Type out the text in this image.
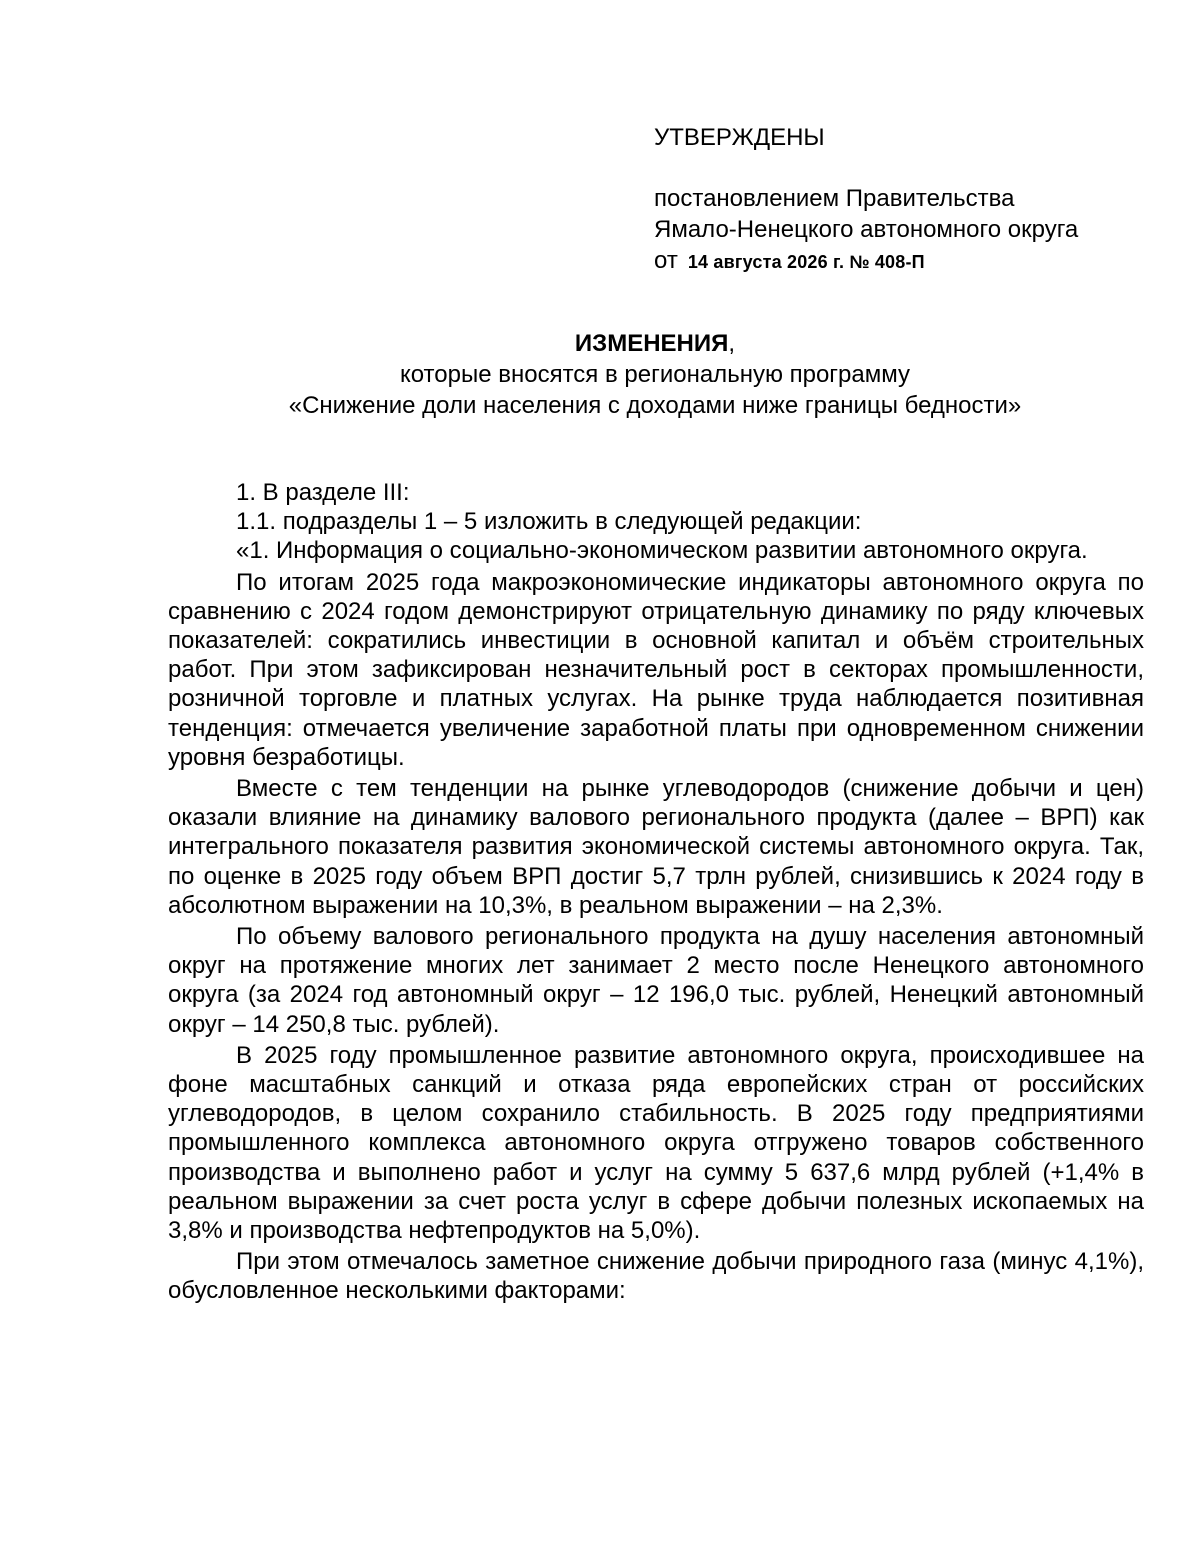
УТВЕРЖДЕНЫ
постановлением Правительства
Ямало-Ненецкого автономного округа
от 14 августа 2026 г. № 408-П
ИЗМЕНЕНИЯ,
которые вносятся в региональную программу
«Снижение доли населения с доходами ниже границы бедности»

1. В разделе III:

1.1. подразделы 1 – 5 изложить в следующей редакции:

«1. Информация о социально-экономическом развитии автономного округа.

По итогам 2025 года макроэкономические индикаторы автономного округа по сравнению с 2024 годом демонстрируют отрицательную динамику по ряду ключевых показателей: сократились инвестиции в основной капитал и объём строительных работ. При этом зафиксирован незначительный рост в секторах промышленности, розничной торговле и платных услугах. На рынке труда наблюдается позитивная тенденция: отмечается увеличение заработной платы при одновременном снижении уровня безработицы.

Вместе с тем тенденции на рынке углеводородов (снижение добычи и цен) оказали влияние на динамику валового регионального продукта (далее – ВРП) как интегрального показателя развития экономической системы автономного округа. Так, по оценке в 2025 году объем ВРП достиг 5,7 трлн рублей, снизившись к 2024 году в абсолютном выражении на 10,3%, в реальном выражении – на 2,3%.

По объему валового регионального продукта на душу населения автономный округ на протяжение многих лет занимает 2 место после Ненецкого автономного округа (за 2024 год автономный округ – 12 196,0 тыс. рублей, Ненецкий автономный округ – 14 250,8 тыс. рублей).

В 2025 году промышленное развитие автономного округа, происходившее на фоне масштабных санкций и отказа ряда европейских стран от российских углеводородов, в целом сохранило стабильность. В 2025 году предприятиями промышленного комплекса автономного округа отгружено товаров собственного производства и выполнено работ и услуг на сумму 5 637,6 млрд рублей (+1,4% в реальном выражении за счет роста услуг в сфере добычи полезных ископаемых на 3,8% и производства нефтепродуктов на 5,0%).

При этом отмечалось заметное снижение добычи природного газа (минус 4,1%), обусловленное несколькими факторами:
